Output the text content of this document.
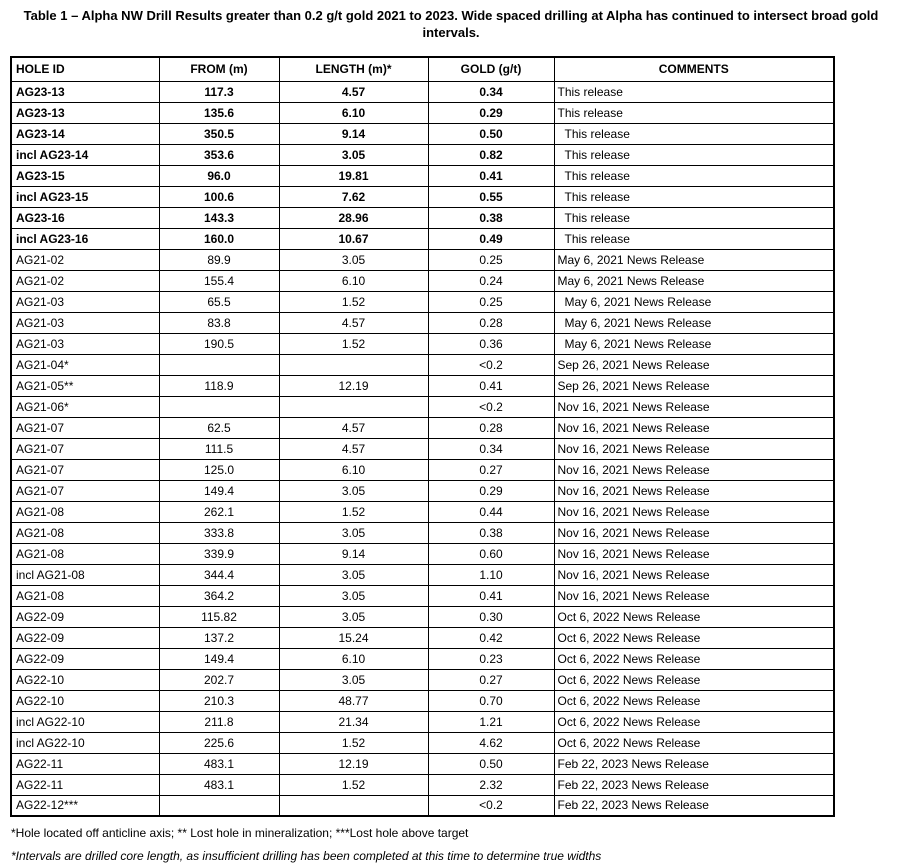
Table 1 – Alpha NW Drill Results greater than 0.2 g/t gold 2021 to 2023. Wide spaced drilling at Alpha has continued to intersect broad gold intervals.
HOLE ID	FROM (m)	LENGTH (m)*	GOLD (g/t)	COMMENTS
AG23-13	117.3	4.57	0.34	This release
AG23-13	135.6	6.10	0.29	This release
AG23-14	350.5	9.14	0.50	This release
incl AG23-14	353.6	3.05	0.82	This release
AG23-15	96.0	19.81	0.41	This release
incl AG23-15	100.6	7.62	0.55	This release
AG23-16	143.3	28.96	0.38	This release
incl AG23-16	160.0	10.67	0.49	This release
AG21-02	89.9	3.05	0.25	May 6, 2021 News Release
AG21-02	155.4	6.10	0.24	May 6, 2021 News Release
AG21-03	65.5	1.52	0.25	May 6, 2021 News Release
AG21-03	83.8	4.57	0.28	May 6, 2021 News Release
AG21-03	190.5	1.52	0.36	May 6, 2021 News Release
AG21-04*			<0.2	Sep 26, 2021 News Release
AG21-05**	118.9	12.19	0.41	Sep 26, 2021 News Release
AG21-06*			<0.2	Nov 16, 2021 News Release
AG21-07	62.5	4.57	0.28	Nov 16, 2021 News Release
AG21-07	111.5	4.57	0.34	Nov 16, 2021 News Release
AG21-07	125.0	6.10	0.27	Nov 16, 2021 News Release
AG21-07	149.4	3.05	0.29	Nov 16, 2021 News Release
AG21-08	262.1	1.52	0.44	Nov 16, 2021 News Release
AG21-08	333.8	3.05	0.38	Nov 16, 2021 News Release
AG21-08	339.9	9.14	0.60	Nov 16, 2021 News Release
incl AG21-08	344.4	3.05	1.10	Nov 16, 2021 News Release
AG21-08	364.2	3.05	0.41	Nov 16, 2021 News Release
AG22-09	115.82	3.05	0.30	Oct 6, 2022 News Release
AG22-09	137.2	15.24	0.42	Oct 6, 2022 News Release
AG22-09	149.4	6.10	0.23	Oct 6, 2022 News Release
AG22-10	202.7	3.05	0.27	Oct 6, 2022 News Release
AG22-10	210.3	48.77	0.70	Oct 6, 2022 News Release
incl AG22-10	211.8	21.34	1.21	Oct 6, 2022 News Release
incl AG22-10	225.6	1.52	4.62	Oct 6, 2022 News Release
AG22-11	483.1	12.19	0.50	Feb 22, 2023 News Release
AG22-11	483.1	1.52	2.32	Feb 22, 2023 News Release
AG22-12***			<0.2	Feb 22, 2023 News Release
*Hole located off anticline axis; ** Lost hole in mineralization; ***Lost hole above target
*Intervals are drilled core length, as insufficient drilling has been completed at this time to determine true widths
